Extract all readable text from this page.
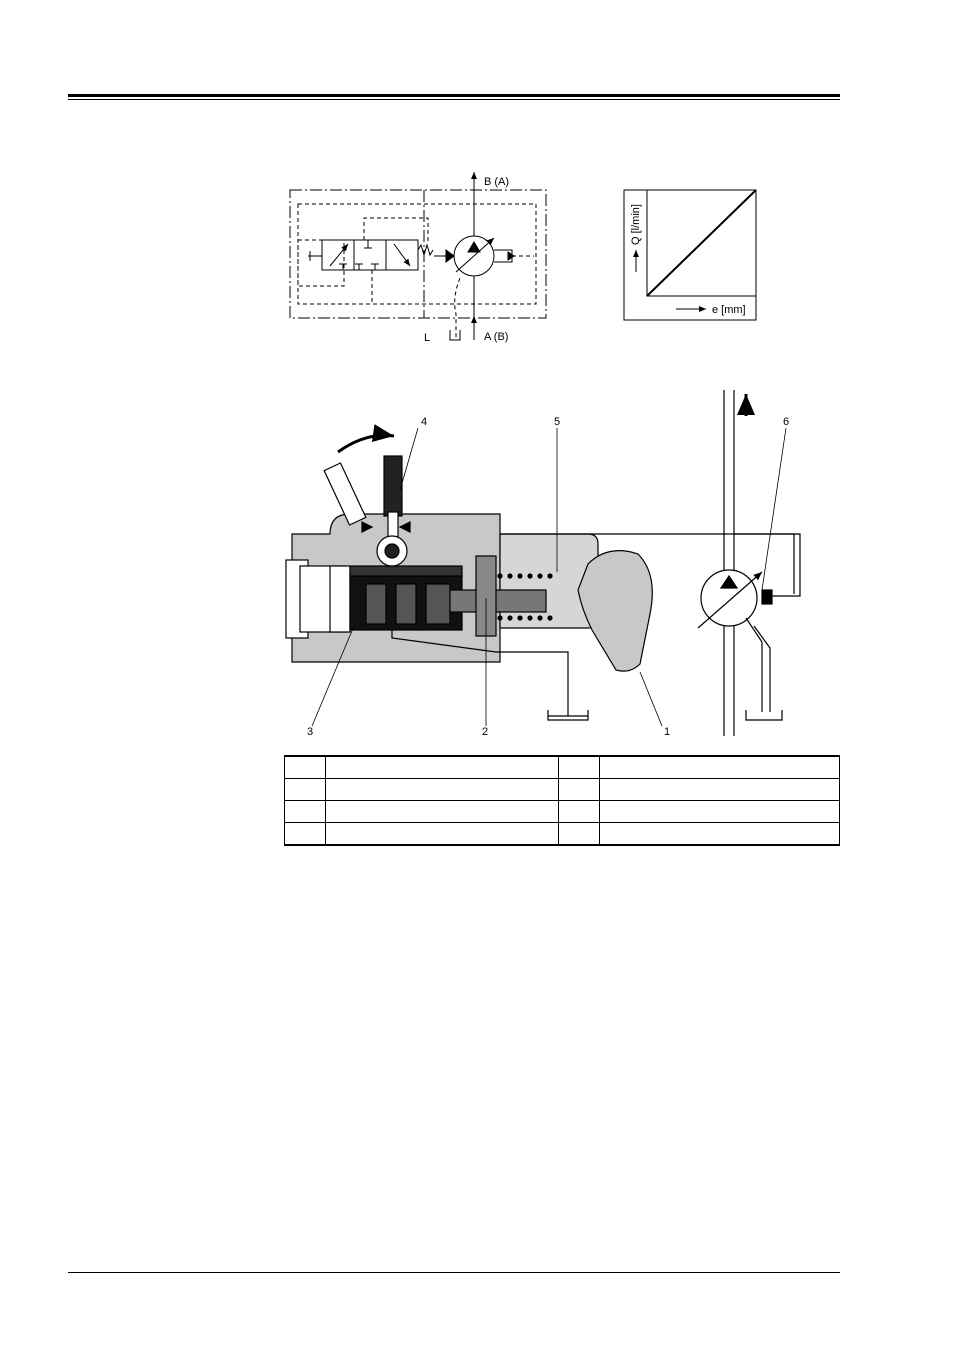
B (A)
A (B)
L
Q [l/min]
e [mm]
1
2
3
4	5	6
